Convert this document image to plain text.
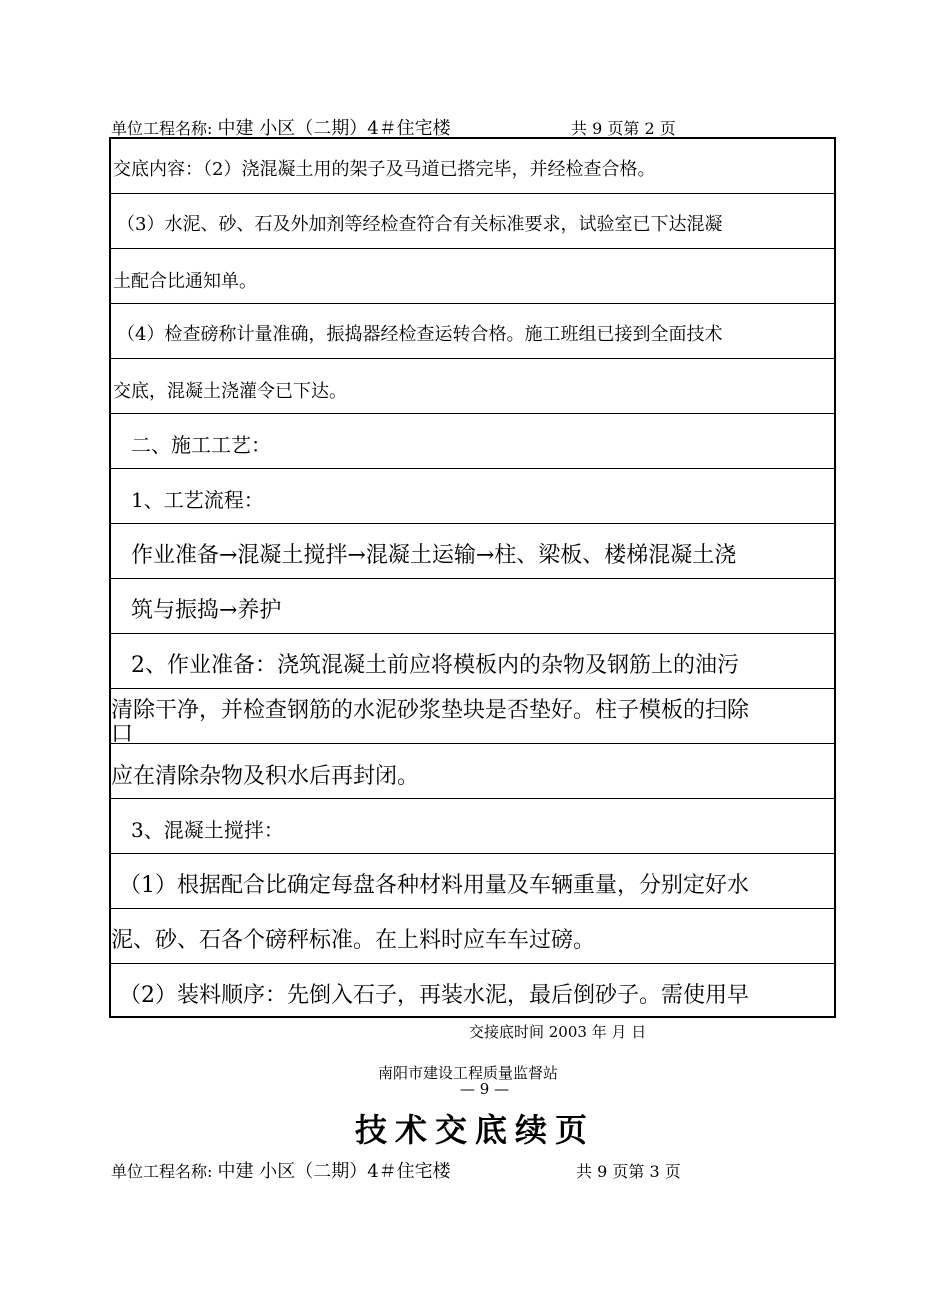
单位工程名称: 中建 小区（二期）4＃住宅楼	共 9 页第 2 页
交底内容：（2）浇混凝土用的架子及马道已搭完毕，并经检查合格。
（3）水泥、砂、石及外加剂等经检查符合有关标准要求，试验室已下达混凝
土配合比通知单。
（4）检查磅称计量准确，振捣器经检查运转合格。施工班组已接到全面技术
交底，混凝土浇灌令已下达。
二、施工工艺：
1、工艺流程：
作业准备→混凝土搅拌→混凝土运输→柱、梁板、楼梯混凝土浇
筑与振捣→养护
2、作业准备：浇筑混凝土前应将模板内的杂物及钢筋上的油污
清除干净，并检查钢筋的水泥砂浆垫块是否垫好。柱子模板的扫除
口
应在清除杂物及积水后再封闭。
3、混凝土搅拌：
（1）根据配合比确定每盘各种材料用量及车辆重量，分别定好水
泥、砂、石各个磅秤标准。在上料时应车车过磅。
（2）装料顺序：先倒入石子，再装水泥，最后倒砂子。需使用早
交接底时间 2003 年 月 日
南阳市建设工程质量监督站
— 9 —
技术交底续页
单位工程名称: 中建 小区（二期）4＃住宅楼	共 9 页第 3 页
